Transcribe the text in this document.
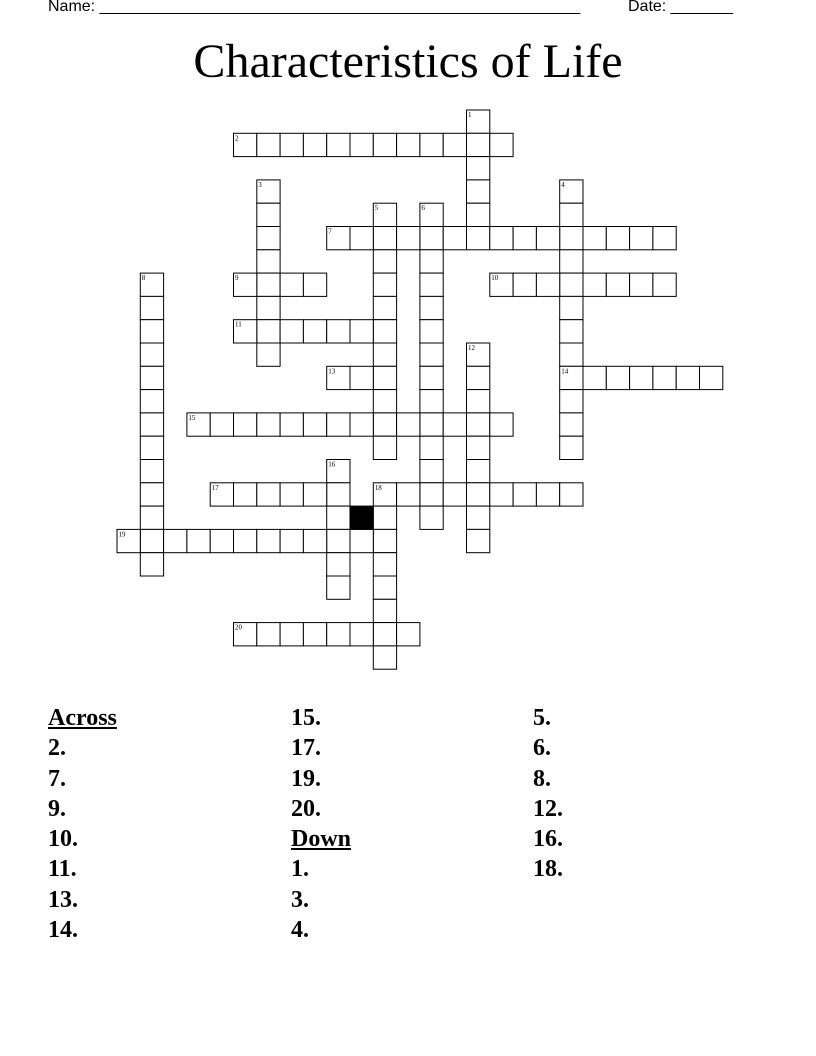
Name: ______________________________________________________	Date: _______
Characteristics of Life
1
2
3	4
5	6
7
8	9	10
11
12
13	14
15
16
17	18
19
20
Across
2.
7.
9.
10.
11.
13.
14.
15.
17.
19.
20.
Down
1.
3.
4.
5.
6.
8.
12.
16.
18.
